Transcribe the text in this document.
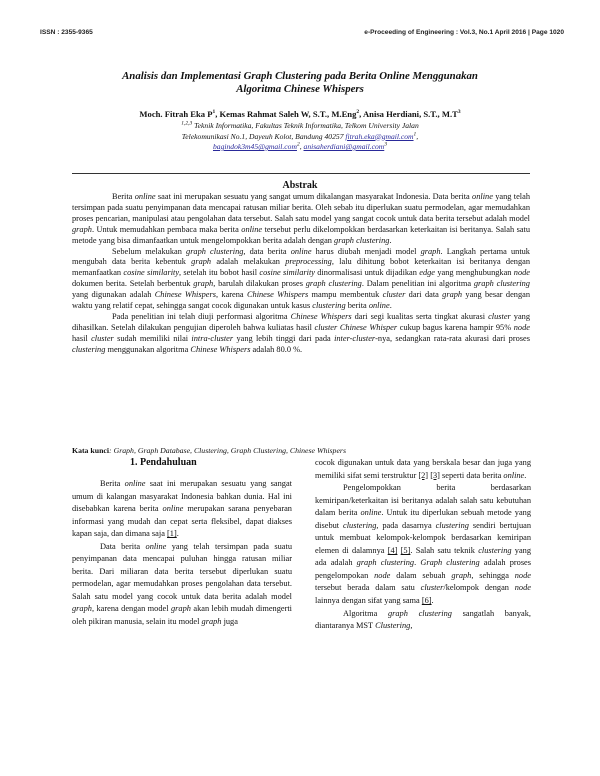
ISSN : 2355-9365	e-Proceeding of Engineering : Vol.3, No.1 April 2016 | Page 1020
Analisis dan Implementasi Graph Clustering pada Berita Online Menggunakan
Algoritma Chinese Whispers
Moch. Fitrah Eka $P^1$, Kemas Rahmat Saleh W, S.T., M.Eng$^2$, Anisa Herdiani, S.T., $M.T^3$
$^{1,2,3}$ Teknik Informatika, Fakultas Teknik Informatika, Telkom University Jalan
Telekomunikasi No.1, Dayeuh Kolot, Bandung 40257 fitrah.eka@gmail.com$^1$,
bagindok3m45@gmail.com$^2$, anisaherdiani@gmail.com$^3$
Abstrak

Berita online saat ini merupakan sesuatu yang sangat umum dikalangan masyarakat Indonesia. Data berita online yang telah tersimpan pada suatu penyimpanan data mencapai ratusan miliar berita. Oleh sebab itu diperlukan suatu permodelan, agar memudahkan proses pencarian, manipulasi atau pengolahan data tersebut. Salah satu model yang sangat cocok untuk data berita tersebut adalah model graph. Untuk memudahkan pembaca maka berita online tersebut perlu dikelompokkan berdasarkan keterkaitan isi beritanya. Salah satu metode yang bisa dimanfaatkan untuk mengelompokkan berita adalah dengan graph clustering.

Sebelum melakukan graph clustering, data berita online harus diubah menjadi model graph. Langkah pertama untuk mengubah data berita kebentuk graph adalah melakukan preprocessing, lalu dihitung bobot keterkaitan isi beritanya dengan memanfaatkan cosine similarity, setelah itu bobot hasil cosine similarity dinormalisasi untuk dijadikan edge yang menghubungkan node dokumen berita. Setelah berbentuk graph, barulah dilakukan proses graph clustering. Dalam penelitian ini algoritma graph clustering yang digunakan adalah Chinese Whispers, karena Chinese Whispers mampu membentuk cluster dari data graph yang besar dengan waktu yang relatif cepat, sehingga sangat cocok digunakan untuk kasus clustering berita online.

Pada penelitian ini telah diuji performasi algoritma Chinese Whispers dari segi kualitas serta tingkat akurasi cluster yang dihasilkan. Setelah dilakukan pengujian diperoleh bahwa kuliatas hasil cluster Chinese Whisper cukup bagus karena hampir 95% node hasil cluster sudah memiliki nilai intra-cluster yang lebih tinggi dari pada inter-cluster-nya, sedangkan rata-rata akurasi dari proses clustering menggunakan algoritma Chinese Whispers adalah 80.0 %.

Kata kunci: Graph, Graph Database, Clustering, Graph Clustering, Chinese Whispers
1. Pendahuluan

Berita online saat ini merupakan sesuatu yang sangat umum di kalangan masyarakat Indonesia bahkan dunia. Hal ini disebabkan karena berita online merupakan sarana penyebaran informasi yang mudah dan cepat serta fleksibel, dapat diakses kapan saja, dan dimana saja [1].

Data berita online yang telah tersimpan pada suatu penyimpanan data mencapai puluhan hingga ratusan miliar berita. Dari miliaran data berita tersebut diperlukan suatu permodelan, agar memudahkan proses pengolahan data tersebut. Salah satu model yang cocok untuk data berita adalah model graph, karena dengan model graph akan lebih mudah dimengerti oleh pikiran manusia, selain itu model graph juga

cocok digunakan untuk data yang berskala besar dan juga yang memiliki sifat semi terstruktur [2] [3] seperti data berita online.

Pengelompokkan berita berdasarkan kemiripan/keterkaitan isi beritanya adalah salah satu kebutuhan dalam berita online. Untuk itu diperlukan sebuah metode yang disebut clustering, pada dasarnya clustering sendiri bertujuan untuk membuat kelompok-kelompok berdasarkan kemiripan elemen di dalamnya [4] [5]. Salah satu teknik clustering yang ada adalah graph clustering. Graph clustering adalah proses pengelompokan node dalam sebuah graph, sehingga node tersebut berada dalam satu cluster/kelompok dengan node lainnya dengan sifat yang sama [6].

Algoritma graph clustering sangatlah banyak, diantaranya MST Clustering,
